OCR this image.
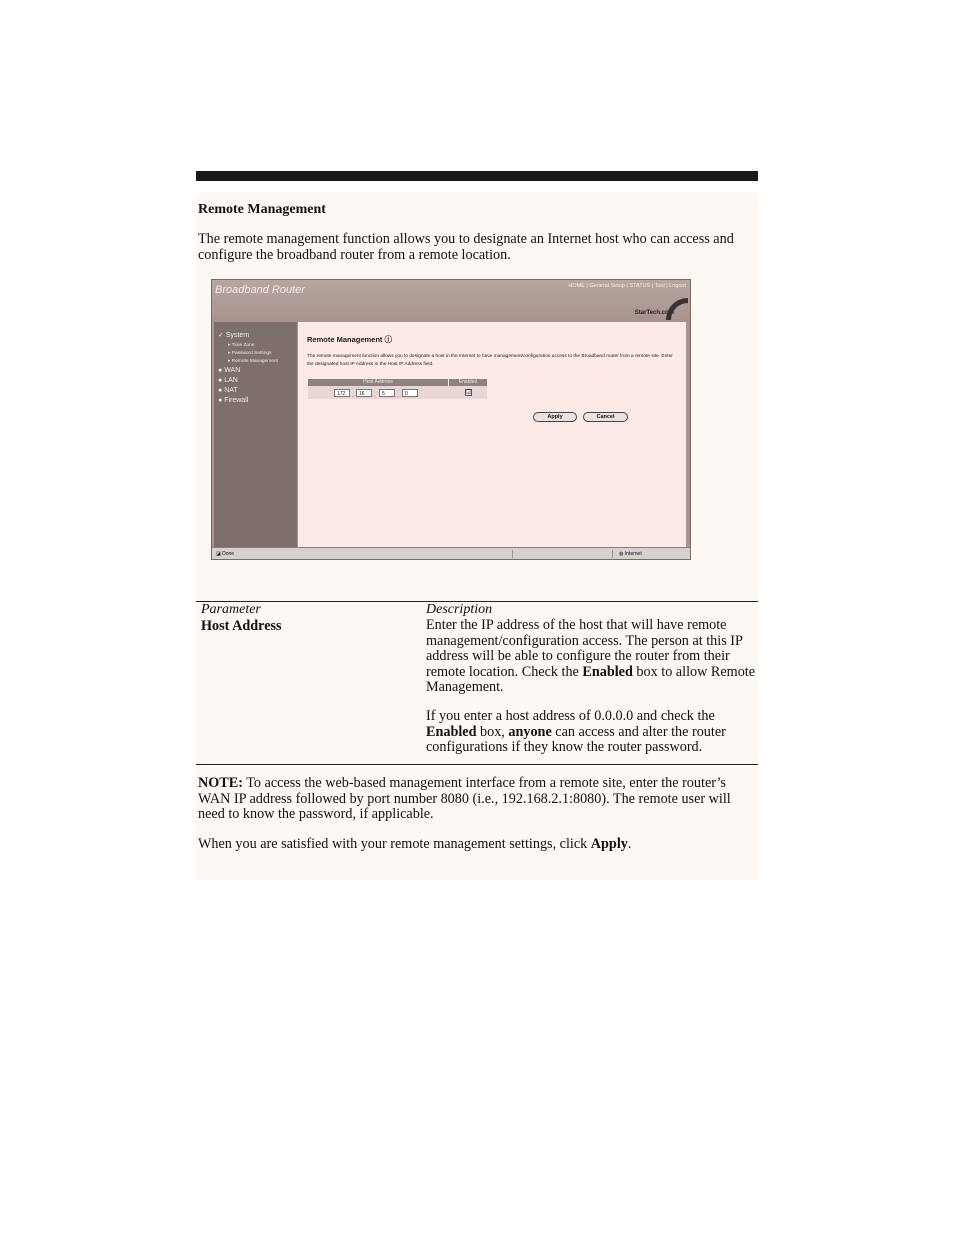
Remote Management
The remote management function allows you to designate an Internet host who can access and configure the broadband router from a remote location.
Broadband Router	HOME | General Setup | STATUS | Tool | Logout
StarTech.com
✓ System
▸ Time Zone
▸ Password Settings
▸ Remote Management
● WAN
● LAN
● NAT
● Firewall
Remote Management ⓘ
The remote management function allows you to designate a host in the Internet to have management/configuration access to the Broadband router from a remote site. Enter the designated host IP Address in the Host IP Address field.
Host Address	Enabled
172	.	16	.	5	.	0	☑
Apply	Cancel
◪ Done	◍ Internet
Parameter	Description
Host Address	Enter the IP address of the host that will have remote management/configuration access. The person at this IP address will be able to configure the router from their remote location. Check the Enabled box to allow Remote Management.
If you enter a host address of 0.0.0.0 and check the Enabled box, anyone can access and alter the router configurations if they know the router password.
NOTE: To access the web-based management interface from a remote site, enter the router’s WAN IP address followed by port number 8080 (i.e., 192.168.2.1:8080). The remote user will need to know the password, if applicable.
When you are satisfied with your remote management settings, click Apply.
